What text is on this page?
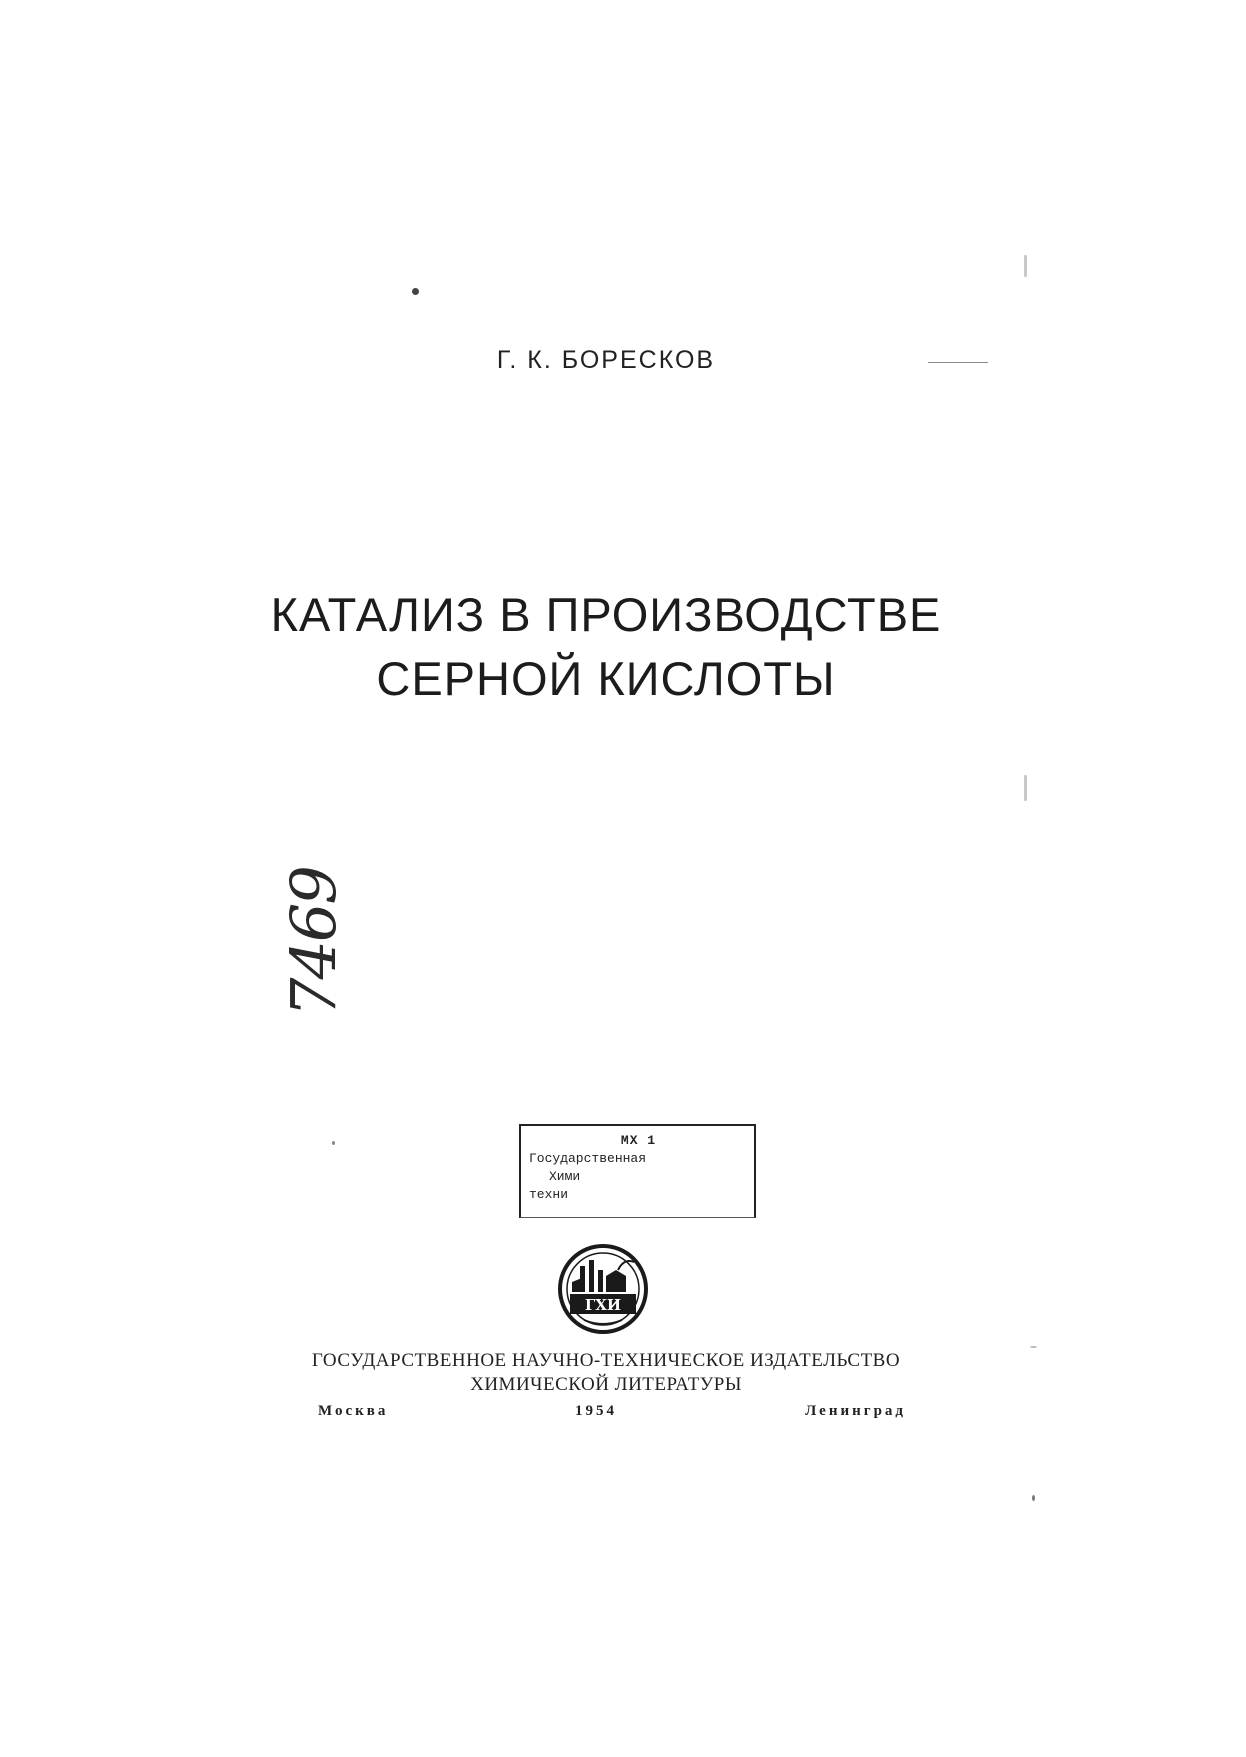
Г. К. БОРЕСКОВ
КАТАЛИЗ В ПРОИЗВОДСТВЕ
СЕРНОЙ КИСЛОТЫ
7469
МХ 1
Государственная
Хими
техни
ГХИ
ГОСУДАРСТВЕННОЕ НАУЧНО-ТЕХНИЧЕСКОЕ ИЗДАТЕЛЬСТВО
ХИМИЧЕСКОЙ ЛИТЕРАТУРЫ
Москва	1954	Ленинград
